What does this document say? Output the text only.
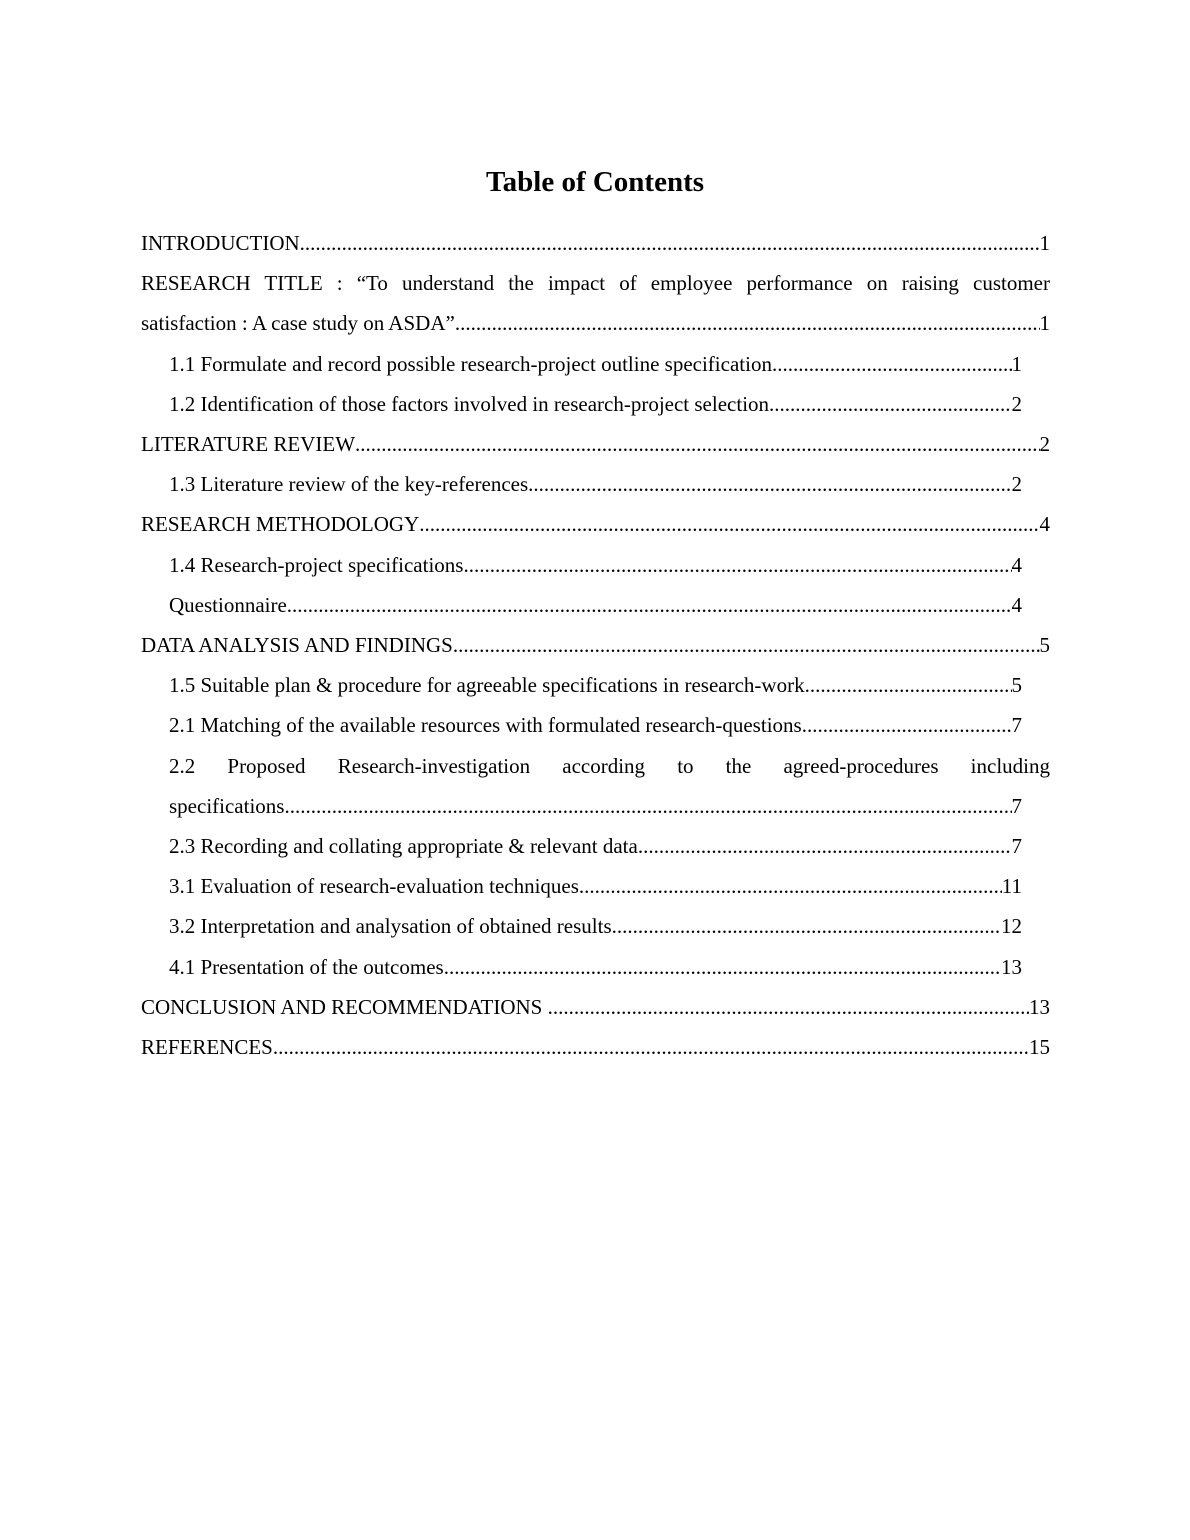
Table of Contents
INTRODUCTION .....	1
RESEARCH TITLE : “To understand the impact of employee performance on raising customer
satisfaction : A case study on ASDA” .....	1
1.1 Formulate and record possible research-project outline specification .....	1
1.2 Identification of those factors involved in research-project selection .....	2
LITERATURE REVIEW .....	2
1.3 Literature review of the key-references .....	2
RESEARCH METHODOLOGY .....	4
1.4 Research-project specifications .....	4
Questionnaire .....	4
DATA ANALYSIS AND FINDINGS .....	5
1.5 Suitable plan & procedure for agreeable specifications in research-work .....	5
2.1 Matching of the available resources with formulated research-questions .....	7
2.2 Proposed Research-investigation according to the agreed-procedures including
specifications .....	7
2.3 Recording and collating appropriate & relevant data .....	7
3.1 Evaluation of research-evaluation techniques .....	11
3.2 Interpretation and analysation of obtained results .....	12
4.1 Presentation of the outcomes .....	13
CONCLUSION AND RECOMMENDATIONS .....	13
REFERENCES .....	15
